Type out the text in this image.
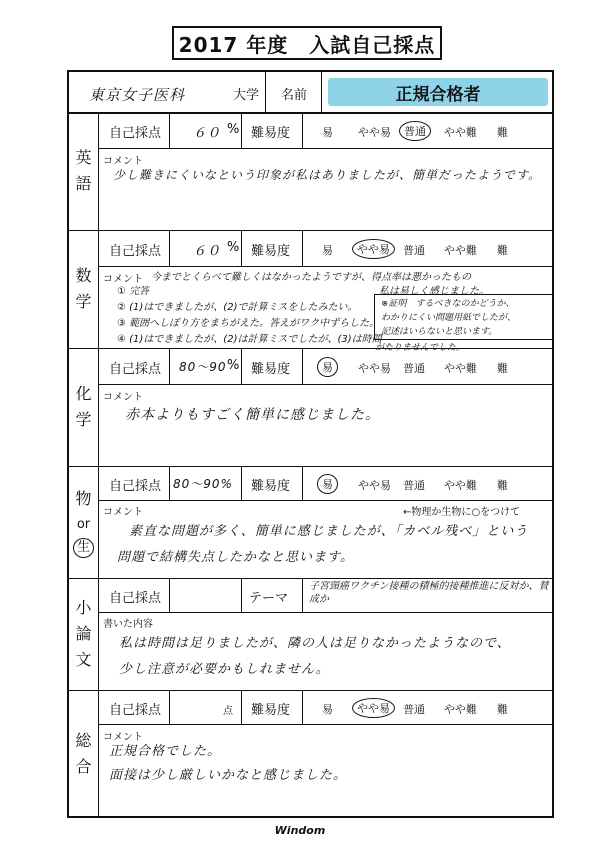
2017 年度　入試自己採点
東京女子医科	大学 名前	正規合格者
英
語
自己採点 ６０ % 難易度	易 やや易	普通	やや難 難
コメント
少し難きにくいなという印象が私はありましたが、簡単だったようです。
数
学
自己採点 ６０ % 難易度	易	やや易	普通 やや難 難
コメント 今までとくらべて難しくはなかったようですが、得点率は悪かったもの
私は易しく感じました。
① 完答
② (1)はできましたが、(2)で計算ミスをしたみたい。
③ 範囲へしぼり方をまちがえた。答えがワク中ずらした。
④ (1)はできましたが、(2)は計算ミスでしたが、(3)は時間
がたりませんでした。
※証明　するべきなのかどうか、
わかりにくい問題用紙でしたが、
記述はいらないと思います。
化
学
自己採点 80～90 % 難易度	易	やや易 普通 やや難 難
コメント
赤本よりもすごく簡単に感じました。
物
or
生
自己採点 80～90% 難易度	易	やや易 普通 やや難 難
コメント	←物理か生物に○をつけて
素直な問題が多く、簡単に感じましたが、「カベル残べ」という
問題で結構失点したかなと思います。
小
論
文
自己採点	テーマ
子宮頸癌ワクチン接種の積極的接種推進に反対か、賛成か
書いた内容
私は時間は足りましたが、隣の人は足りなかったようなので、
少し注意が必要かもしれません。
総
合
自己採点	点 難易度	易	やや易	普通 やや難 難
コメント
正規合格でした。
面接は少し厳しいかなと感じました。
Windom
